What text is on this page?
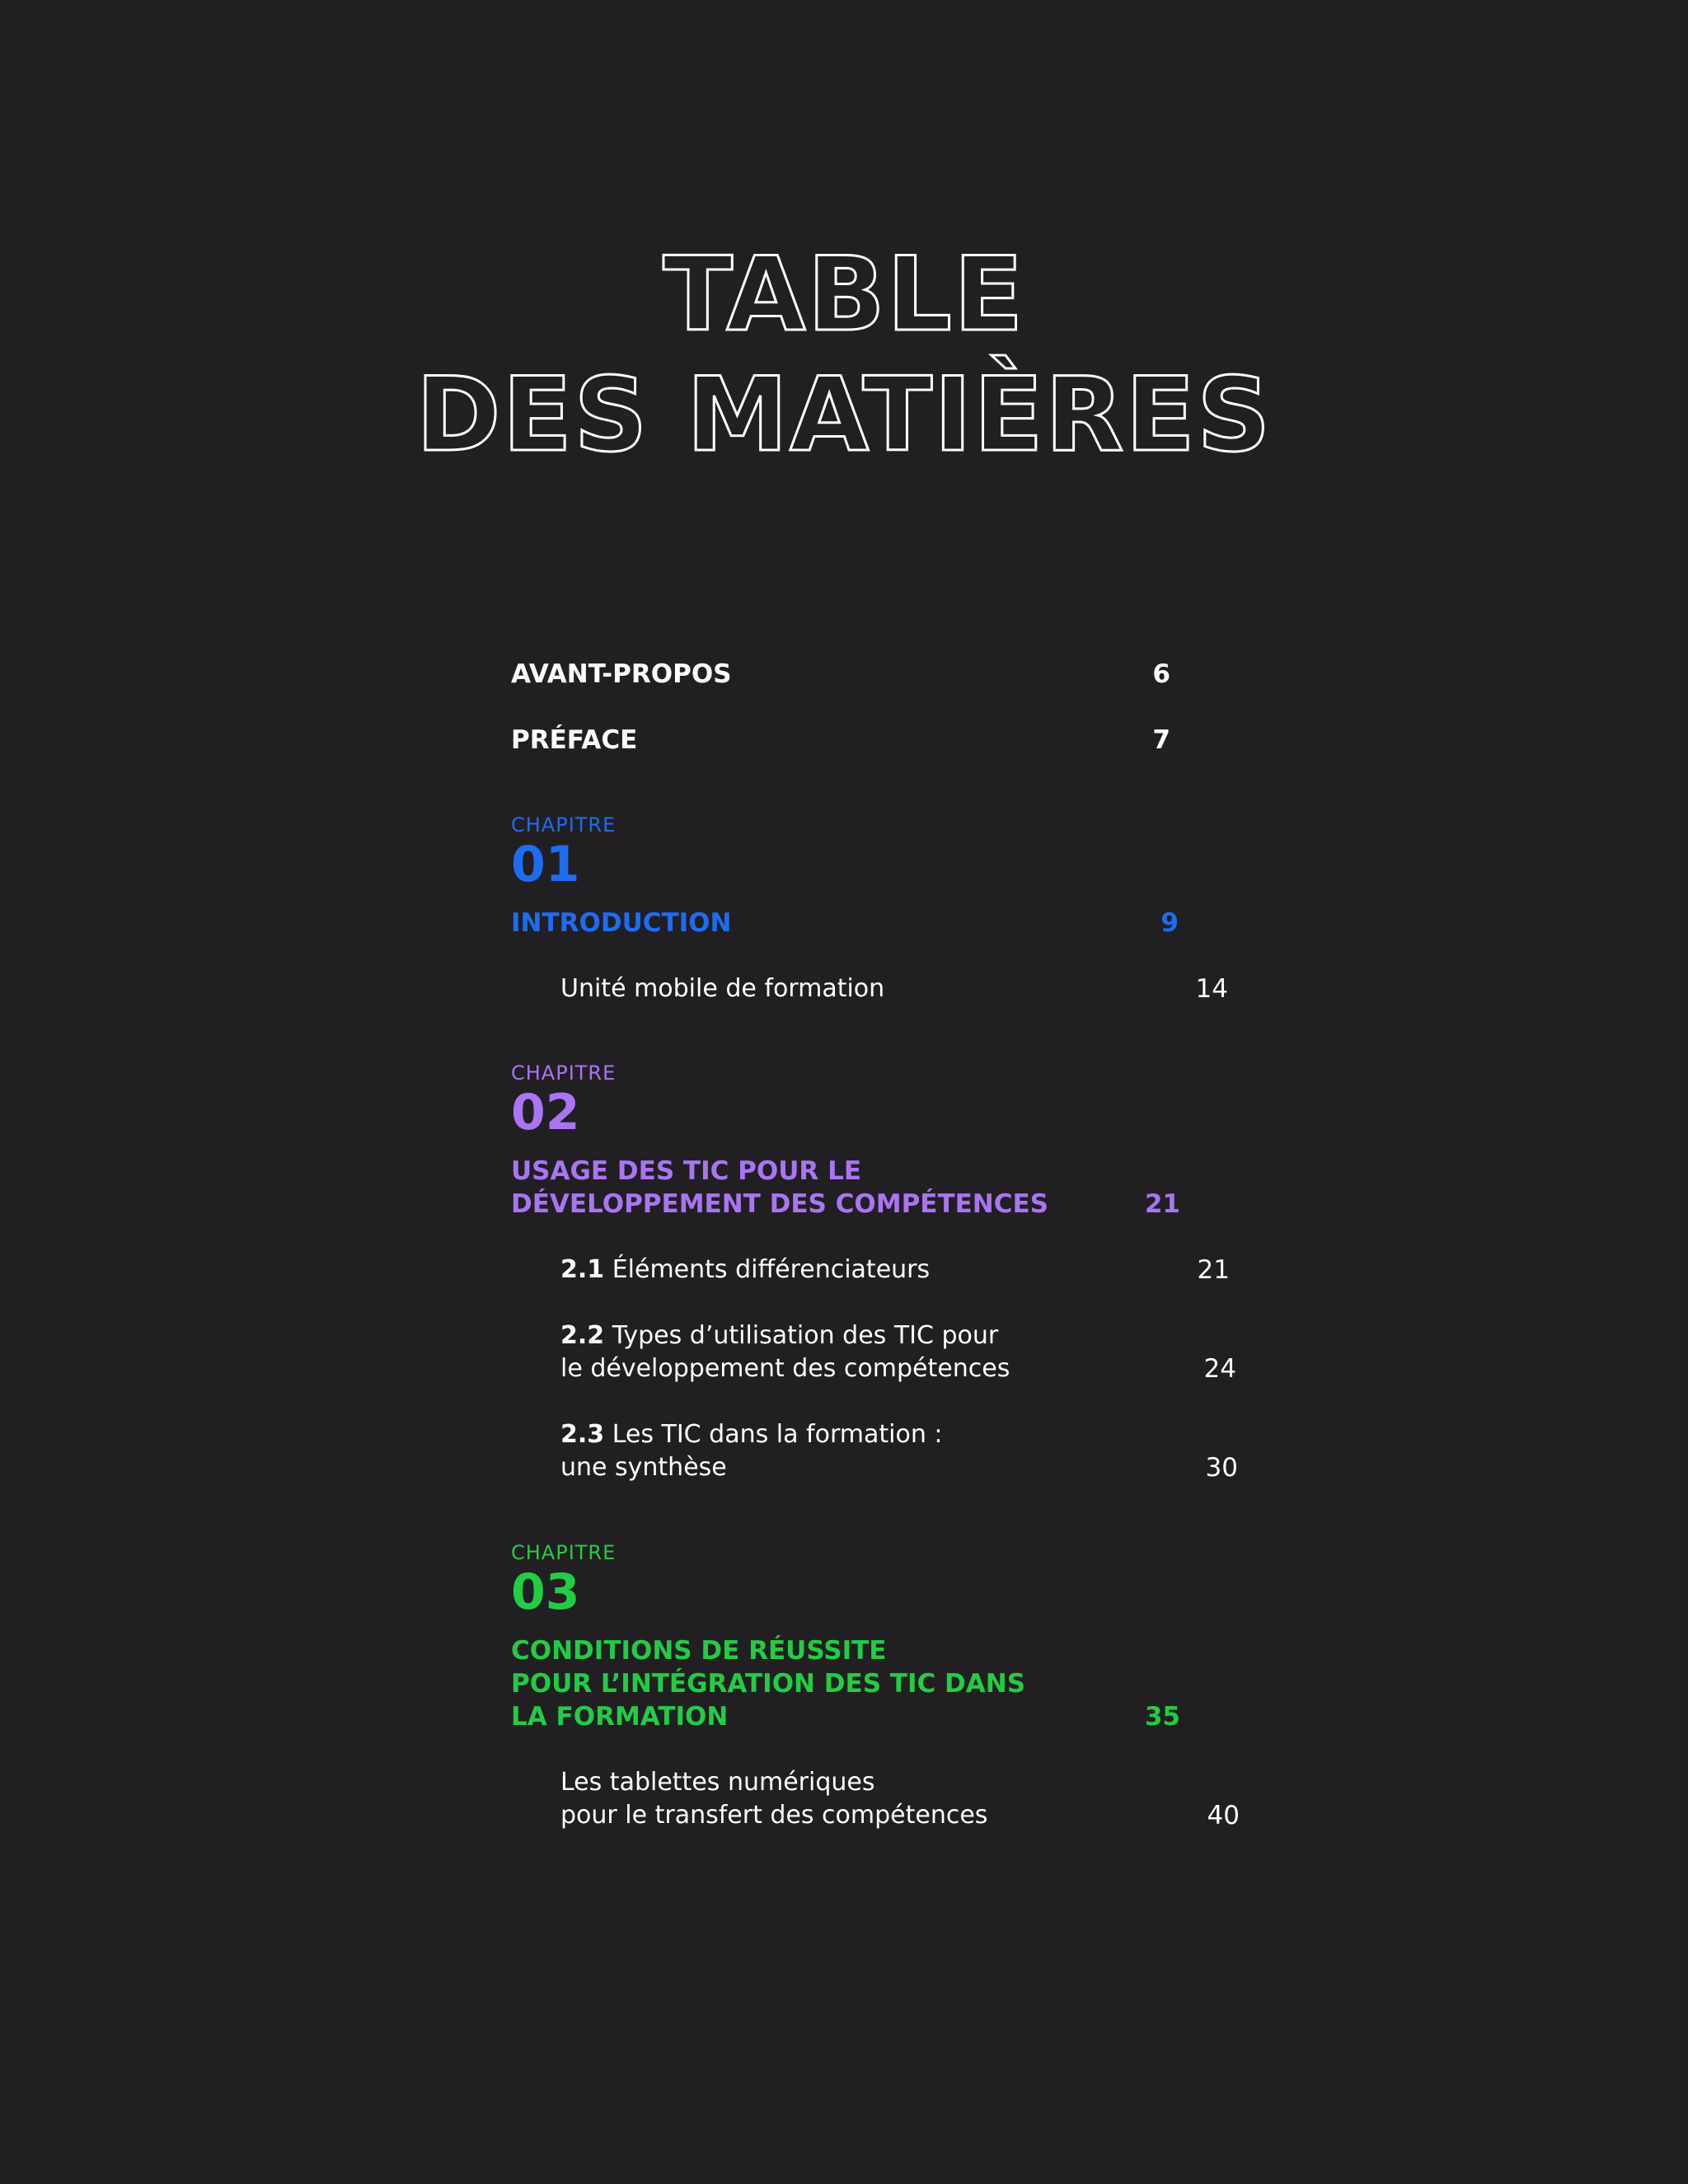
TABLE
DES MATIÈRES
AVANT-PROPOS	6
PRÉFACE	7
CHAPITRE
01
INTRODUCTION	9
Unité mobile de formation	14
CHAPITRE
02
USAGE DES TIC POUR LE
DÉVELOPPEMENT DES COMPÉTENCES	21
2.1 Éléments différenciateurs	21
2.2 Types d’utilisation des TIC pour
le développement des compétences	24
2.3 Les TIC dans la formation :
une synthèse	30
CHAPITRE
03
CONDITIONS DE RÉUSSITE
POUR L’INTÉGRATION DES TIC DANS
LA FORMATION	35
Les tablettes numériques
pour le transfert des compétences	40
